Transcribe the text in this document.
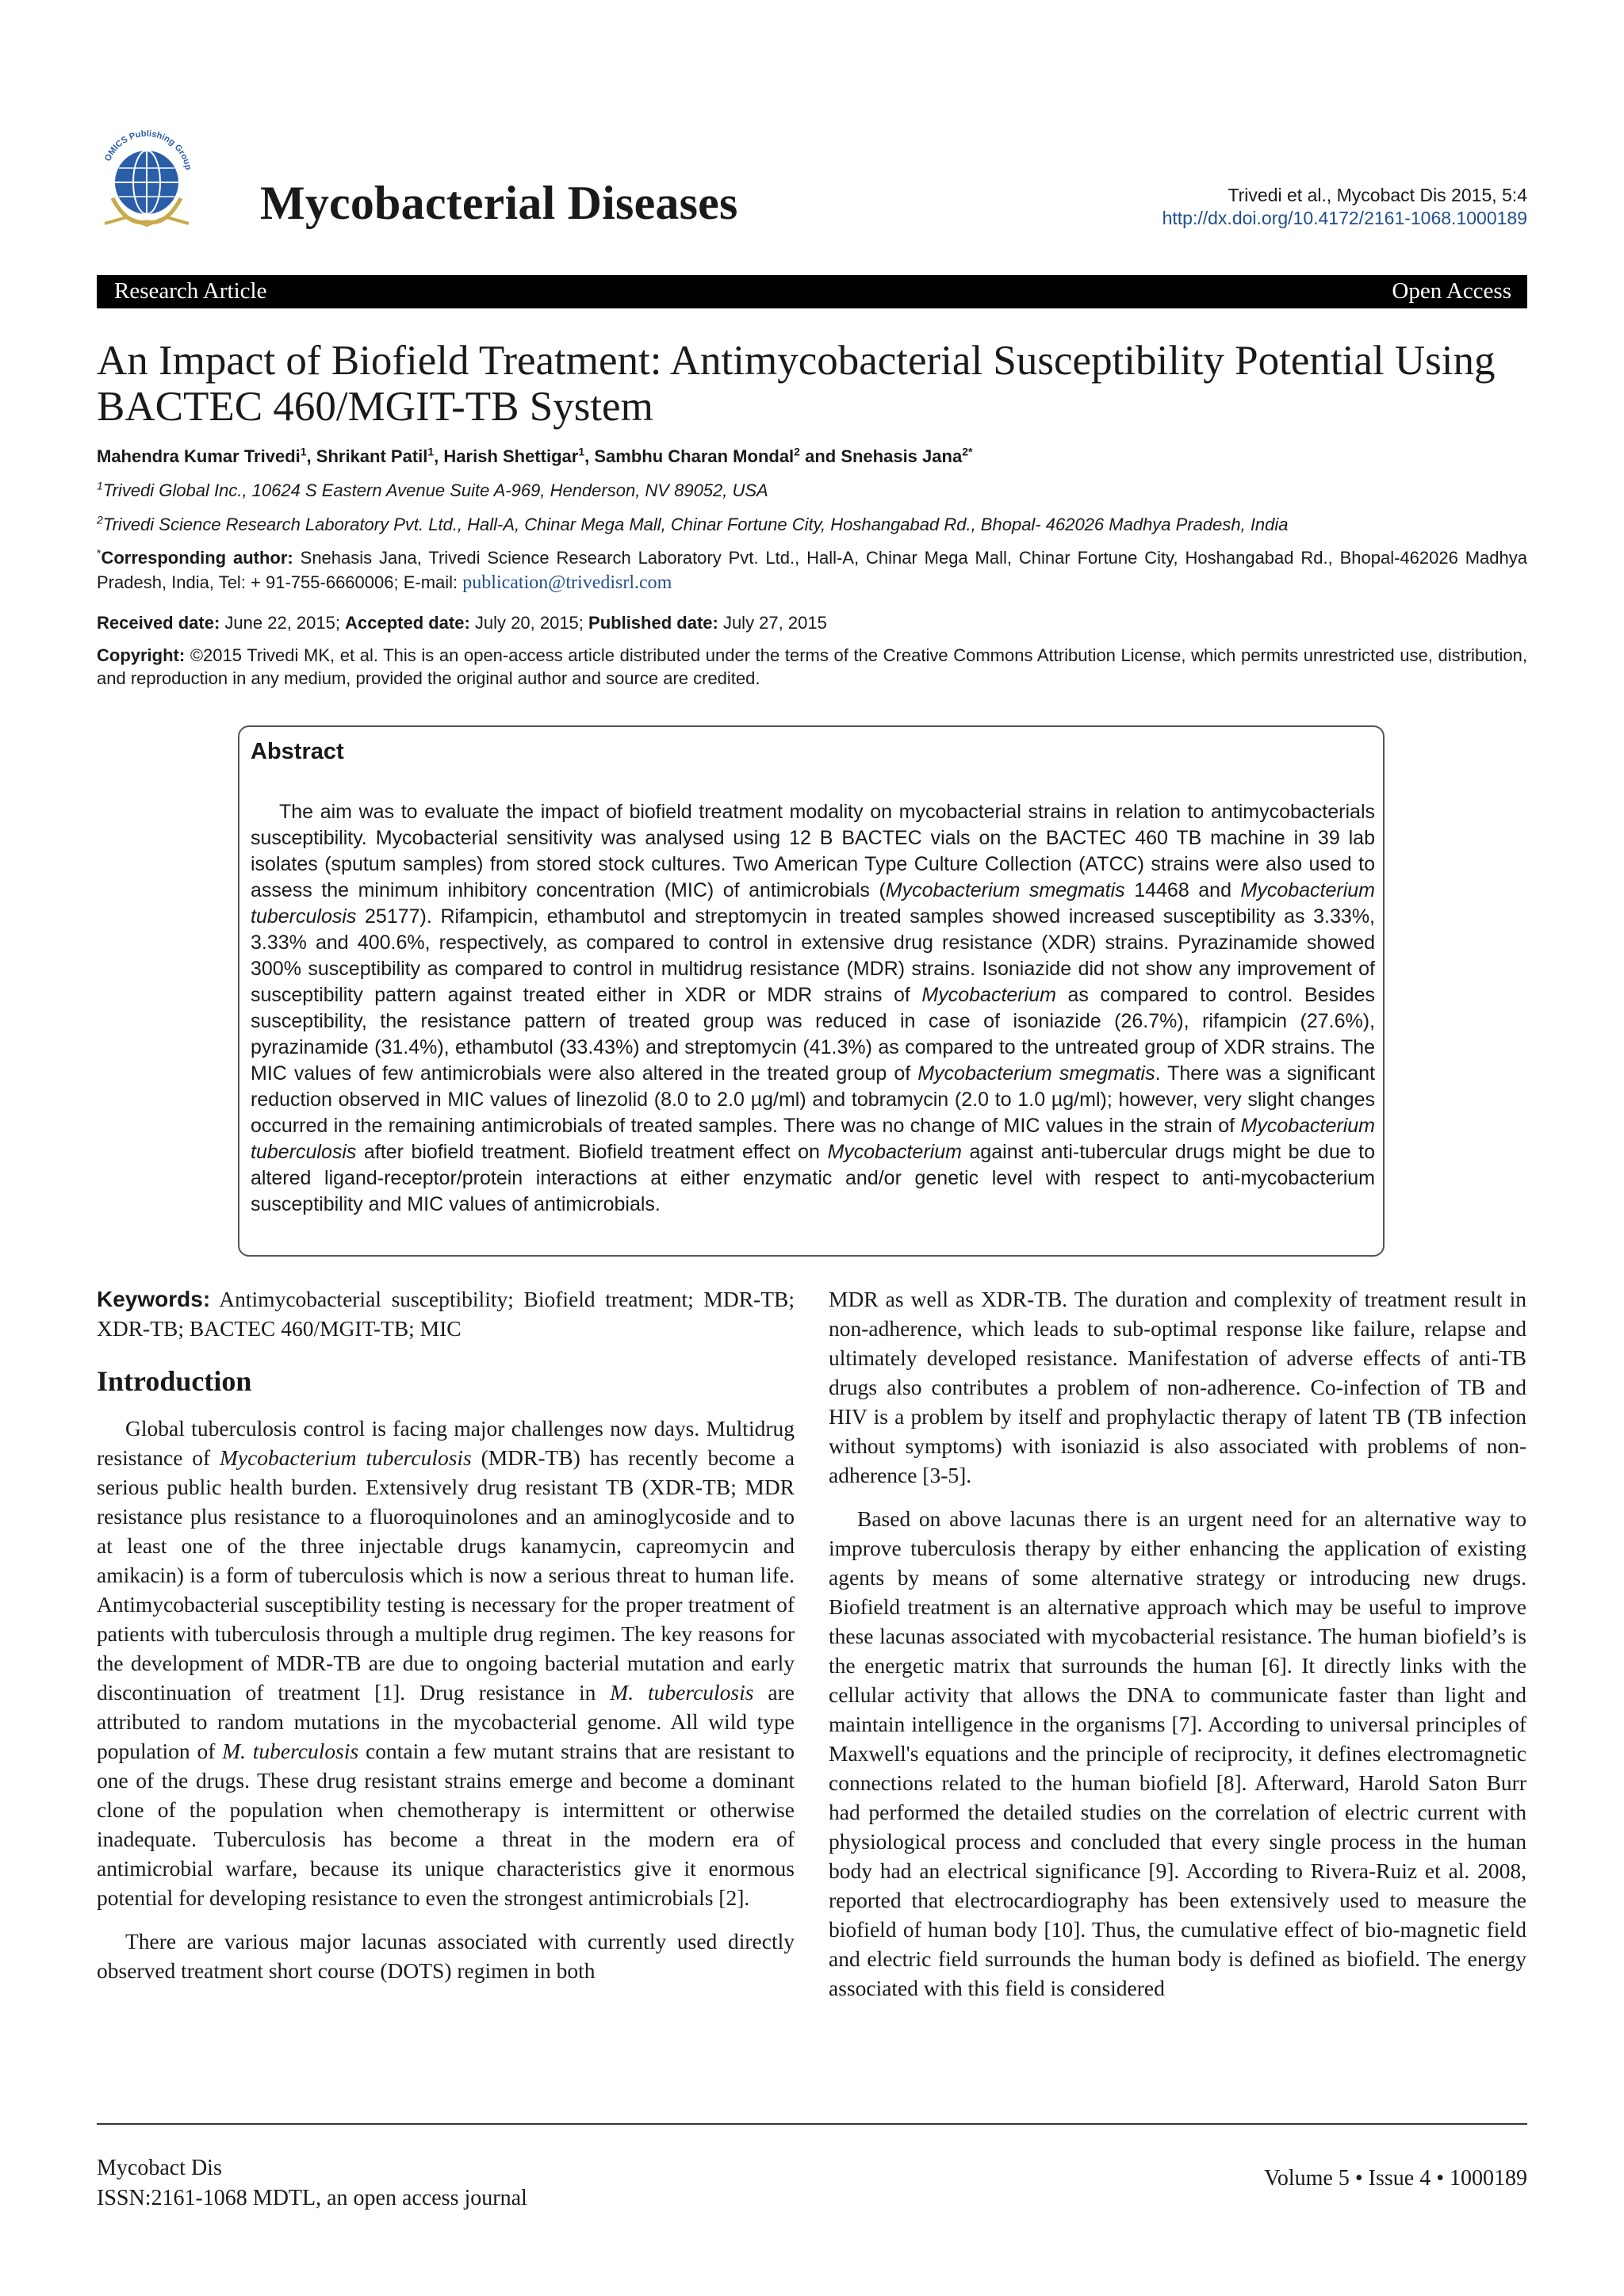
OMICS Publishing Group
Mycobacterial Diseases	Trivedi et al., Mycobact Dis 2015, 5:4
http://dx.doi.org/10.4172/2161-1068.1000189
Research Article	Open Access
An Impact of Biofield Treatment: Antimycobacterial Susceptibility Potential Using BACTEC 460/MGIT-TB System
Mahendra Kumar Trivedi$^1$, Shrikant Patil$^1$, Harish Shettigar$^1$, Sambhu Charan Mondal$^2$ and Snehasis Jana$^{2*}$
$^1$Trivedi Global Inc., 10624 S Eastern Avenue Suite A-969, Henderson, NV 89052, USA
$^2$Trivedi Science Research Laboratory Pvt. Ltd., Hall-A, Chinar Mega Mall, Chinar Fortune City, Hoshangabad Rd., Bhopal- 462026 Madhya Pradesh, India
*Corresponding author: Snehasis Jana, Trivedi Science Research Laboratory Pvt. Ltd., Hall-A, Chinar Mega Mall, Chinar Fortune City, Hoshangabad Rd., Bhopal-462026 Madhya Pradesh, India, Tel: + 91-755-6660006; E-mail: publication@trivedisrl.com
Received date: June 22, 2015; Accepted date: July 20, 2015; Published date: July 27, 2015
Copyright: ©2015 Trivedi MK, et al. This is an open-access article distributed under the terms of the Creative Commons Attribution License, which permits unrestricted use, distribution, and reproduction in any medium, provided the original author and source are credited.
Abstract
The aim was to evaluate the impact of biofield treatment modality on mycobacterial strains in relation to antimycobacterials susceptibility. Mycobacterial sensitivity was analysed using 12 B BACTEC vials on the BACTEC 460 TB machine in 39 lab isolates (sputum samples) from stored stock cultures. Two American Type Culture Collection (ATCC) strains were also used to assess the minimum inhibitory concentration (MIC) of antimicrobials (Mycobacterium smegmatis 14468 and Mycobacterium tuberculosis 25177). Rifampicin, ethambutol and streptomycin in treated samples showed increased susceptibility as 3.33%, 3.33% and 400.6%, respectively, as compared to control in extensive drug resistance (XDR) strains. Pyrazinamide showed 300% susceptibility as compared to control in multidrug resistance (MDR) strains. Isoniazide did not show any improvement of susceptibility pattern against treated either in XDR or MDR strains of Mycobacterium as compared to control. Besides susceptibility, the resistance pattern of treated group was reduced in case of isoniazide (26.7%), rifampicin (27.6%), pyrazinamide (31.4%), ethambutol (33.43%) and streptomycin (41.3%) as compared to the untreated group of XDR strains. The MIC values of few antimicrobials were also altered in the treated group of Mycobacterium smegmatis. There was a significant reduction observed in MIC values of linezolid (8.0 to 2.0 µg/ml) and tobramycin (2.0 to 1.0 µg/ml); however, very slight changes occurred in the remaining antimicrobials of treated samples. There was no change of MIC values in the strain of Mycobacterium tuberculosis after biofield treatment. Biofield treatment effect on Mycobacterium against anti-tubercular drugs might be due to altered ligand-receptor/protein interactions at either enzymatic and/or genetic level with respect to anti-mycobacterium susceptibility and MIC values of antimicrobials.

Keywords: Antimycobacterial susceptibility; Biofield treatment; MDR-TB; XDR-TB; BACTEC 460/MGIT-TB; MIC

Introduction

Global tuberculosis control is facing major challenges now days. Multidrug resistance of Mycobacterium tuberculosis (MDR-TB) has recently become a serious public health burden. Extensively drug resistant TB (XDR-TB; MDR resistance plus resistance to a fluoroquinolones and an aminoglycoside and to at least one of the three injectable drugs kanamycin, capreomycin and amikacin) is a form of tuberculosis which is now a serious threat to human life. Antimycobacterial susceptibility testing is necessary for the proper treatment of patients with tuberculosis through a multiple drug regimen. The key reasons for the development of MDR-TB are due to ongoing bacterial mutation and early discontinuation of treatment [1]. Drug resistance in M. tuberculosis are attributed to random mutations in the mycobacterial genome. All wild type population of M. tuberculosis contain a few mutant strains that are resistant to one of the drugs. These drug resistant strains emerge and become a dominant clone of the population when chemotherapy is intermittent or otherwise inadequate. Tuberculosis has become a threat in the modern era of antimicrobial warfare, because its unique characteristics give it enormous potential for developing resistance to even the strongest antimicrobials [2].

There are various major lacunas associated with currently used directly observed treatment short course (DOTS) regimen in both

MDR as well as XDR-TB. The duration and complexity of treatment result in non-adherence, which leads to sub-optimal response like failure, relapse and ultimately developed resistance. Manifestation of adverse effects of anti-TB drugs also contributes a problem of non-adherence. Co-infection of TB and HIV is a problem by itself and prophylactic therapy of latent TB (TB infection without symptoms) with isoniazid is also associated with problems of non-adherence [3-5].

Based on above lacunas there is an urgent need for an alternative way to improve tuberculosis therapy by either enhancing the application of existing agents by means of some alternative strategy or introducing new drugs. Biofield treatment is an alternative approach which may be useful to improve these lacunas associated with mycobacterial resistance. The human biofield’s is the energetic matrix that surrounds the human [6]. It directly links with the cellular activity that allows the DNA to communicate faster than light and maintain intelligence in the organisms [7]. According to universal principles of Maxwell's equations and the principle of reciprocity, it defines electromagnetic connections related to the human biofield [8]. Afterward, Harold Saton Burr had performed the detailed studies on the correlation of electric current with physiological process and concluded that every single process in the human body had an electrical significance [9]. According to Rivera-Ruiz et al. 2008, reported that electrocardiography has been extensively used to measure the biofield of human body [10]. Thus, the cumulative effect of bio-magnetic field and electric field surrounds the human body is defined as biofield. The energy associated with this field is considered

Mycobact Dis
ISSN:2161-1068 MDTL, an open access journal
Volume 5 • Issue 4 • 1000189
